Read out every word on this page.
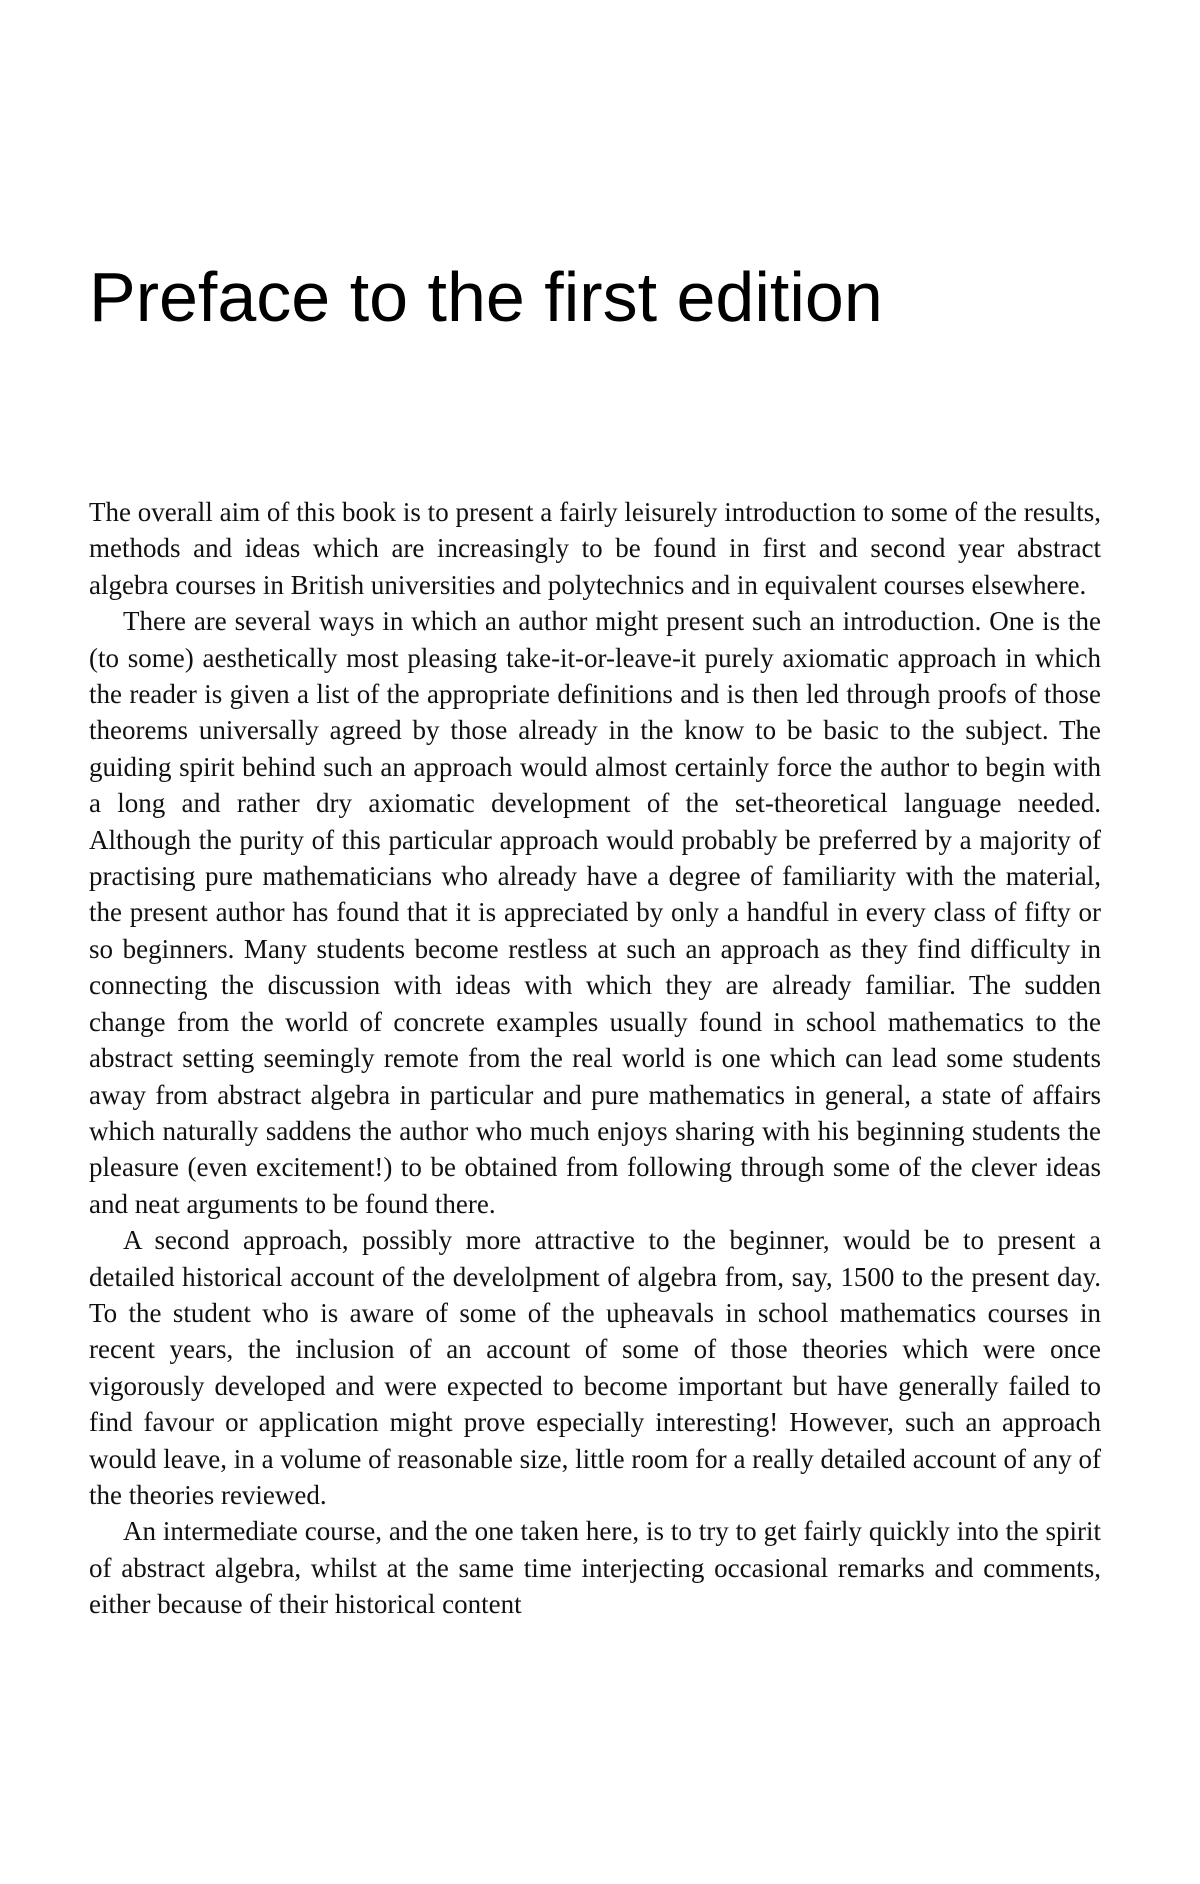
Preface to the first edition

The overall aim of this book is to present a fairly leisurely introduction to some of the results, methods and ideas which are increasingly to be found in first and second year abstract algebra courses in British universities and polytechnics and in equivalent courses elsewhere.

There are several ways in which an author might present such an introduction. One is the (to some) aesthetically most pleasing take-it-or-leave-it purely axiomatic approach in which the reader is given a list of the appropriate definitions and is then led through proofs of those theorems universally agreed by those already in the know to be basic to the subject. The guiding spirit behind such an approach would almost certainly force the author to begin with a long and rather dry axiomatic development of the set-theoretical language needed. Although the purity of this particular approach would probably be preferred by a majority of practising pure mathematicians who already have a degree of familiarity with the material, the present author has found that it is appreciated by only a handful in every class of fifty or so beginners. Many students become restless at such an approach as they find difficulty in connecting the discussion with ideas with which they are already familiar. The sudden change from the world of concrete examples usually found in school mathematics to the abstract setting seemingly remote from the real world is one which can lead some students away from abstract algebra in particular and pure mathematics in general, a state of affairs which naturally saddens the author who much enjoys sharing with his beginning students the pleasure (even excitement!) to be obtained from following through some of the clever ideas and neat arguments to be found there.

A second approach, possibly more attractive to the beginner, would be to present a detailed historical account of the develolpment of algebra from, say, 1500 to the present day. To the student who is aware of some of the upheavals in school mathematics courses in recent years, the inclusion of an account of some of those theories which were once vigorously developed and were expected to become important but have generally failed to find favour or application might prove especially interesting! However, such an approach would leave, in a volume of reasonable size, little room for a really detailed account of any of the theories reviewed.

An intermediate course, and the one taken here, is to try to get fairly quickly into the spirit of abstract algebra, whilst at the same time interjecting occasional remarks and comments, either because of their historical content
